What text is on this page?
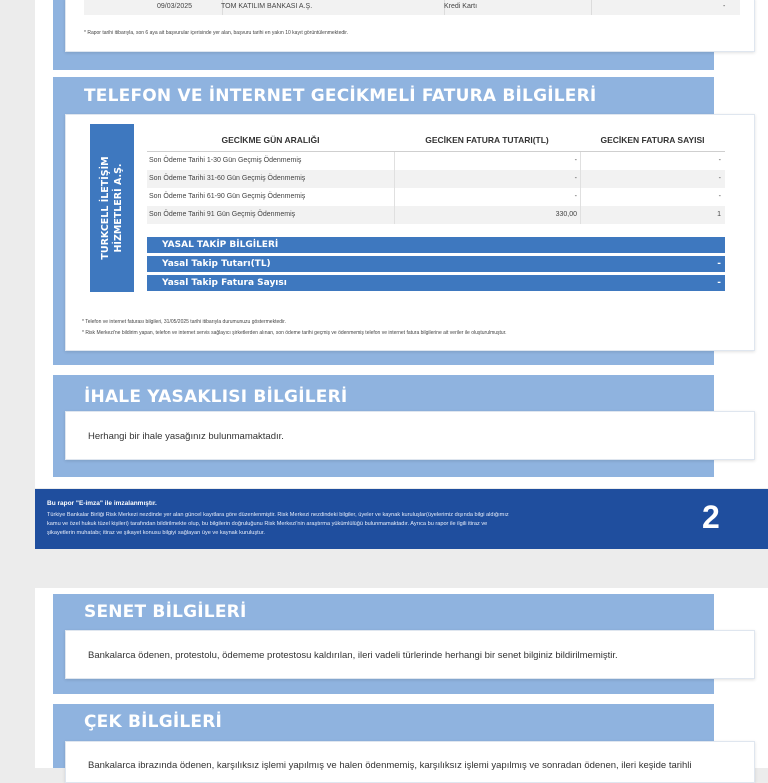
09/03/2025	TOM KATILIM BANKASI A.Ş.	Kredi Kartı	-
* Rapor tarihi itibarıyla, son 6 aya ait başvurular içerisinde yer alan, başvuru tarihi en yakın 10 kayıt görüntülenmektedir.
TELEFON VE İNTERNET GECİKMELİ FATURA BİLGİLERİ
TURKCELL İLETİŞİM HİZMETLERİ A.Ş.
GECİKME GÜN ARALIĞI	GECİKEN FATURA TUTARI(TL)	GECİKEN FATURA SAYISI
Son Ödeme Tarihi 1-30 Gün Geçmiş Ödenmemiş	-	-
Son Ödeme Tarihi 31-60 Gün Geçmiş Ödenmemiş	-	-
Son Ödeme Tarihi 61-90 Gün Geçmiş Ödenmemiş	-	-
Son Ödeme Tarihi 91 Gün Geçmiş Ödenmemiş	330,00	1
YASAL TAKİP BİLGİLERİ
Yasal Takip Tutarı(TL)	-
Yasal Takip Fatura Sayısı	-
* Telefon ve internet faturası bilgileri, 31/05/2025 tarihi itibarıyla durumunuzu göstermektedir.
* Risk Merkezi'ne bildirim yapan, telefon ve internet servis sağlayıcı şirketlerden alınan, son ödeme tarihi geçmiş ve ödenmemiş telefon ve internet fatura bilgilerine ait veriler ile oluşturulmuştur.
İHALE YASAKLISI BİLGİLERİ
Herhangi bir ihale yasağınız bulunmamaktadır.
Bu rapor "E-imza" ile imzalanmıştır.
Türkiye Bankalar Birliği Risk Merkezi nezdinde yer alan güncel kayıtlara göre düzenlenmiştir. Risk Merkezi nezdindeki bilgiler, üyeler ve kaynak kuruluşlar(üyelerimiz dışında bilgi aldığımız
kamu ve özel hukuk tüzel kişileri) tarafından bildirilmekte olup, bu bilgilerin doğruluğunu Risk Merkezi'nin araştırma yükümlülüğü bulunmamaktadır. Ayrıca bu rapor ile ilgili itiraz ve
şikayetlerin muhatabı; itiraz ve şikayet konusu bilgiyi sağlayan üye ve kaynak kuruluştur.	2
SENET BİLGİLERİ
Bankalarca ödenen, protestolu, ödememe protestosu kaldırılan, ileri vadeli türlerinde herhangi bir senet bilginiz bildirilmemiştir.
ÇEK BİLGİLERİ
Bankalarca ibrazında ödenen, karşılıksız işlemi yapılmış ve halen ödenmemiş, karşılıksız işlemi yapılmış ve sonradan ödenen, ileri keşide tarihli
